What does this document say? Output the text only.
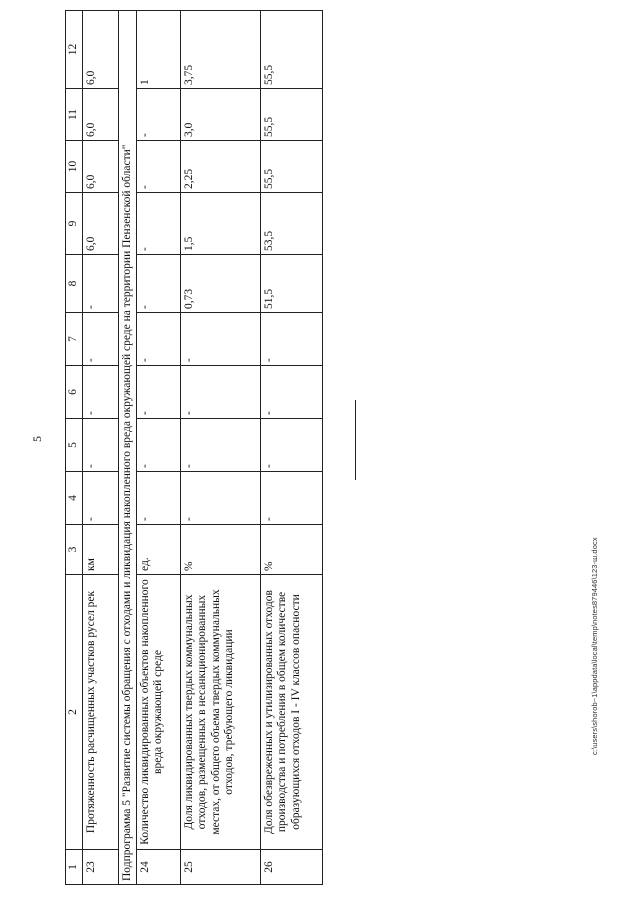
5
1	2	3	4	5	6	7	8	9	10	11	12
23	Протяженность расчищенных участков русел рек	км	-	-	-	-	-	6,0	6,0	6,0	6,0
Подпрограмма 5 "Развитие системы обращения с отходами и ликвидация накопленного вреда окружающей среде на территории Пензенской области"											
24	Количество ликвидированных объектов накопленного вреда окружающей среде	ед.	-	-	-	-	-	-	-	-	1
25	Доля ликвидированных твердых коммунальных отходов, размещенных в несанкционированных местах, от общего объема твердых коммунальных отходов, требующего ликвидации	%	-	-	-	-	0,73	1,5	2,25	3,0	3,75
26	Доля обезвреженных и утилизированных отходов производства и потребления в общем количестве образующихся отходов I - IV классов опасности	%	-	-	-	-	51,5	53,5	55,5	55,5	55,5
c:\users\shorob~1\appdata\local\temp\notes879446\123-ш.docx
